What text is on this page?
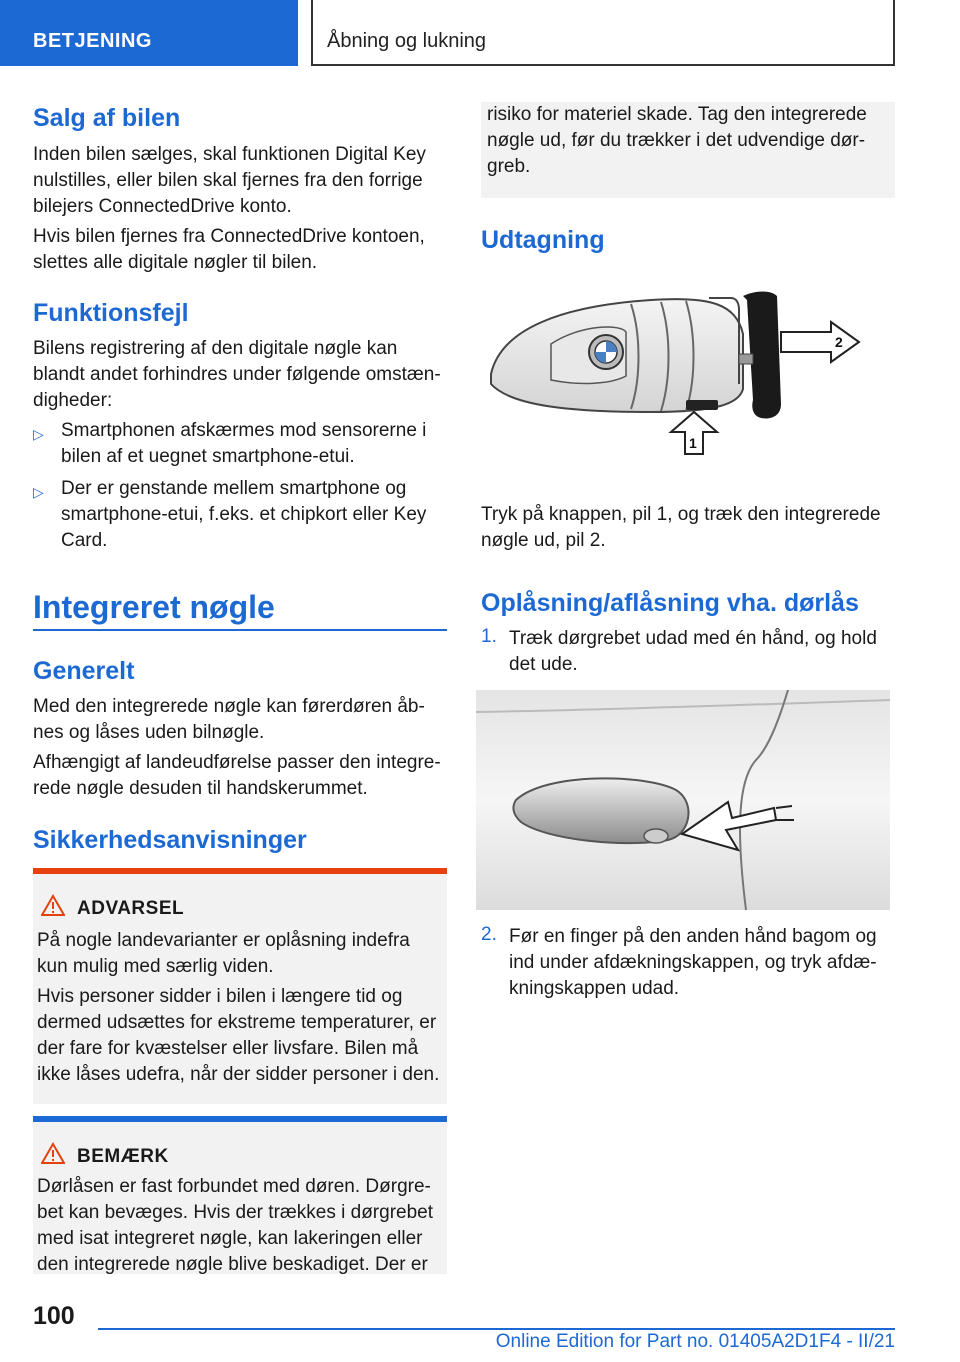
BETJENING	Åbning og lukning
Salg af bilen
Inden bilen sælges, skal funktionen Digital Key nulstilles, eller bilen skal fjernes fra den forrige bilejers ConnectedDrive konto.
Hvis bilen fjernes fra ConnectedDrive kontoen, slettes alle digitale nøgler til bilen.
Funktionsfejl
Bilens registrering af den digitale nøgle kan blandt andet forhindres under følgende omstæn-digheder:
▷ Smartphonen afskærmes mod sensorerne i bilen af et uegnet smartphone-etui.
▷ Der er genstande mellem smartphone og smartphone-etui, f.eks. et chipkort eller Key Card.
Integreret nøgle
Generelt
Med den integrerede nøgle kan førerdøren åb-nes og låses uden bilnøgle.
Afhængigt af landeudførelse passer den integre-rede nøgle desuden til handskerummet.
Sikkerhedsanvisninger
ADVARSEL
På nogle landevarianter er oplåsning indefra kun mulig med særlig viden.
Hvis personer sidder i bilen i længere tid og dermed udsættes for ekstreme temperaturer, er der fare for kvæstelser eller livsfare. Bilen må ikke låses udefra, når der sidder personer i den.
BEMÆRK
Dørlåsen er fast forbundet med døren. Dørgre-bet kan bevæges. Hvis der trækkes i dørgrebet med isat integreret nøgle, kan lakeringen eller den integrerede nøgle blive beskadiget. Der er
risiko for materiel skade. Tag den integrerede nøgle ud, før du trækker i det udvendige dør-greb.
Udtagning
2
1
Tryk på knappen, pil 1, og træk den integrerede nøgle ud, pil 2.
Oplåsning/aflåsning vha. dørlås
1. Træk dørgrebet udad med én hånd, og hold det ude.
2. Før en finger på den anden hånd bagom og ind under afdækningskappen, og tryk afdæ-kningskappen udad.
100
Online Edition for Part no. 01405A2D1F4 - II/21
